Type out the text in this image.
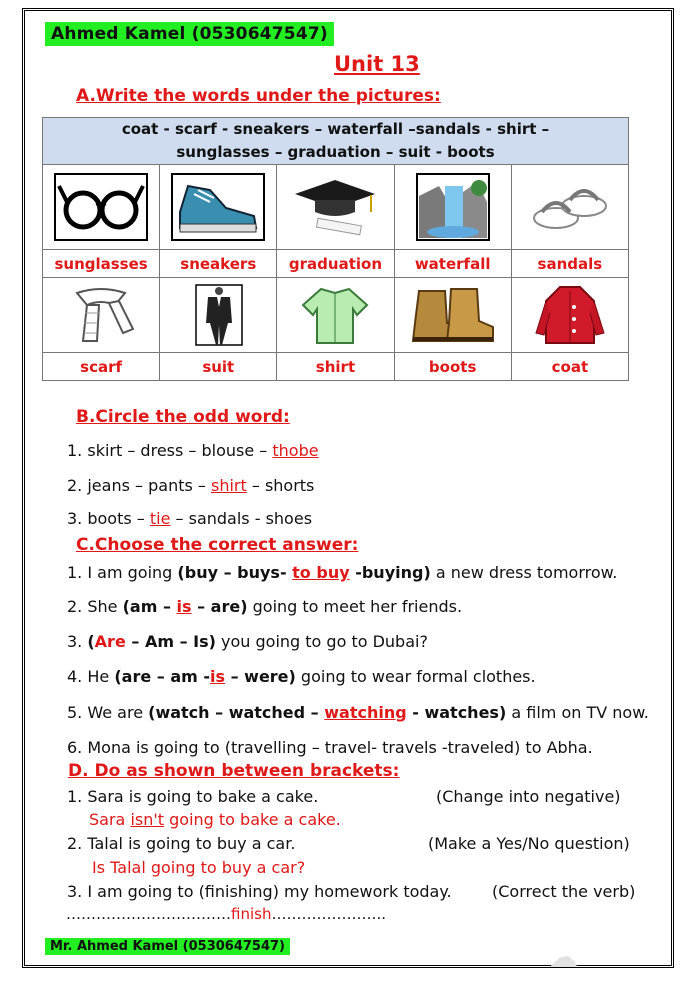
Ahmed Kamel (0530647547)
Unit 13
A.Write the words under the pictures:
coat - scarf - sneakers – waterfall –sandals - shirt –
sunglasses – graduation – suit - boots				

sunglasses	sneakers	graduation	waterfall	sandals

scarf	suit	shirt	boots	coat
B.Circle the odd word:
1. skirt – dress – blouse – thobe
2. jeans – pants – shirt – shorts
3. boots – tie – sandals - shoes
C.Choose the correct answer:
1. I am going (buy – buys- to buy -buying) a new dress tomorrow.
2. She (am – is – are) going to meet her friends.
3. (Are – Am – Is) you going to go to Dubai?
4. He (are – am -is – were) going to wear formal clothes.
5. We are (watch – watched – watching - watches) a film on TV now.
6. Mona is going to (travelling – travel- travels -traveled) to Abha.
D. Do as shown between brackets:
1. Sara is going to bake a cake.	(Change into negative)
Sara isn't going to bake a cake.
2. Talal is going to buy a car.	(Make a Yes/No question)
Is Talal going to buy a car?
3. I am going to (finishing) my homework today.	(Correct the verb)
……………………………finish…………………..
Mr. Ahmed Kamel (0530647547)	☁
